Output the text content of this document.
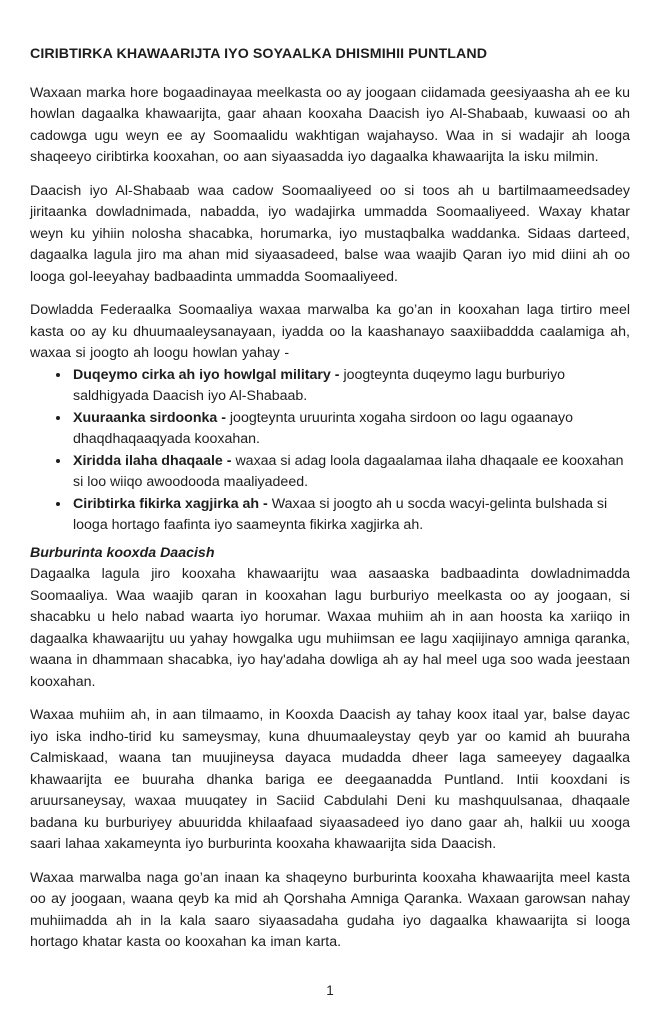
CIRIBTIRKA KHAWAARIJTA IYO SOYAALKA DHISMIHII PUNTLAND

Waxaan marka hore bogaadinayaa meelkasta oo ay joogaan ciidamada geesiyaasha ah ee ku howlan dagaalka khawaarijta, gaar ahaan kooxaha Daacish iyo Al-Shabaab, kuwaasi oo ah cadowga ugu weyn ee ay Soomaalidu wakhtigan wajahayso. Waa in si wadajir ah looga shaqeeyo ciribtirka kooxahan, oo aan siyaasadda iyo dagaalka khawaarijta la isku milmin.

Daacish iyo Al-Shabaab waa cadow Soomaaliyeed oo si toos ah u bartilmaameedsadey jiritaanka dowladnimada, nabadda, iyo wadajirka ummadda Soomaaliyeed. Waxay khatar weyn ku yihiin nolosha shacabka, horumarka, iyo mustaqbalka waddanka. Sidaas darteed, dagaalka lagula jiro ma ahan mid siyaasadeed, balse waa waajib Qaran iyo mid diini ah oo looga gol-leeyahay badbaadinta ummadda Soomaaliyeed.

Dowladda Federaalka Soomaaliya waxaa marwalba ka go’an in kooxahan laga tirtiro meel kasta oo ay ku dhuumaaleysanayaan, iyadda oo la kaashanayo saaxiibaddda caalamiga ah, waxaa si joogto ah loogu howlan yahay -

• Duqeymo cirka ah iyo howlgal military - joogteynta duqeymo lagu burburiyo saldhigyada Daacish iyo Al-Shabaab.
• Xuuraanka sirdoonka - joogteynta uruurinta xogaha sirdoon oo lagu ogaanayo dhaqdhaqaaqyada kooxahan.
• Xiridda ilaha dhaqaale - waxaa si adag loola dagaalamaa ilaha dhaqaale ee kooxahan si loo wiiqo awoodooda maaliyadeed.
• Ciribtirka fikirka xagjirka ah - Waxaa si joogto ah u socda wacyi-gelinta bulshada si looga hortago faafinta iyo saameynta fikirka xagjirka ah.
Burburinta kooxda Daacish

Dagaalka lagula jiro kooxaha khawaarijtu waa aasaaska badbaadinta dowladnimadda Soomaaliya. Waa waajib qaran in kooxahan lagu burburiyo meelkasta oo ay joogaan, si shacabku u helo nabad waarta iyo horumar. Waxaa muhiim ah in aan hoosta ka xariiqo in dagaalka khawaarijtu uu yahay howgalka ugu muhiimsan ee lagu xaqiijinayo amniga qaranka, waana in dhammaan shacabka, iyo hay'adaha dowliga ah ay hal meel uga soo wada jeestaan kooxahan.

Waxaa muhiim ah, in aan tilmaamo, in Kooxda Daacish ay tahay koox itaal yar, balse dayac iyo iska indho-tirid ku sameysmay, kuna dhuumaaleystay qeyb yar oo kamid ah buuraha Calmiskaad, waana tan muujineysa dayaca mudadda dheer laga sameeyey dagaalka khawaarijta ee buuraha dhanka bariga ee deegaanadda Puntland. Intii kooxdani is aruursaneysay, waxaa muuqatey in Saciid Cabdulahi Deni ku mashquulsanaa, dhaqaale badana ku burburiyey abuuridda khilaafaad siyaasadeed iyo dano gaar ah, halkii uu xooga saari lahaa xakameynta iyo burburinta kooxaha khawaarijta sida Daacish.

Waxaa marwalba naga go’an inaan ka shaqeyno burburinta kooxaha khawaarijta meel kasta oo ay joogaan, waana qeyb ka mid ah Qorshaha Amniga Qaranka. Waxaan garowsan nahay muhiimadda ah in la kala saaro siyaasadaha gudaha iyo dagaalka khawaarijta si looga hortago khatar kasta oo kooxahan ka iman karta.

1
